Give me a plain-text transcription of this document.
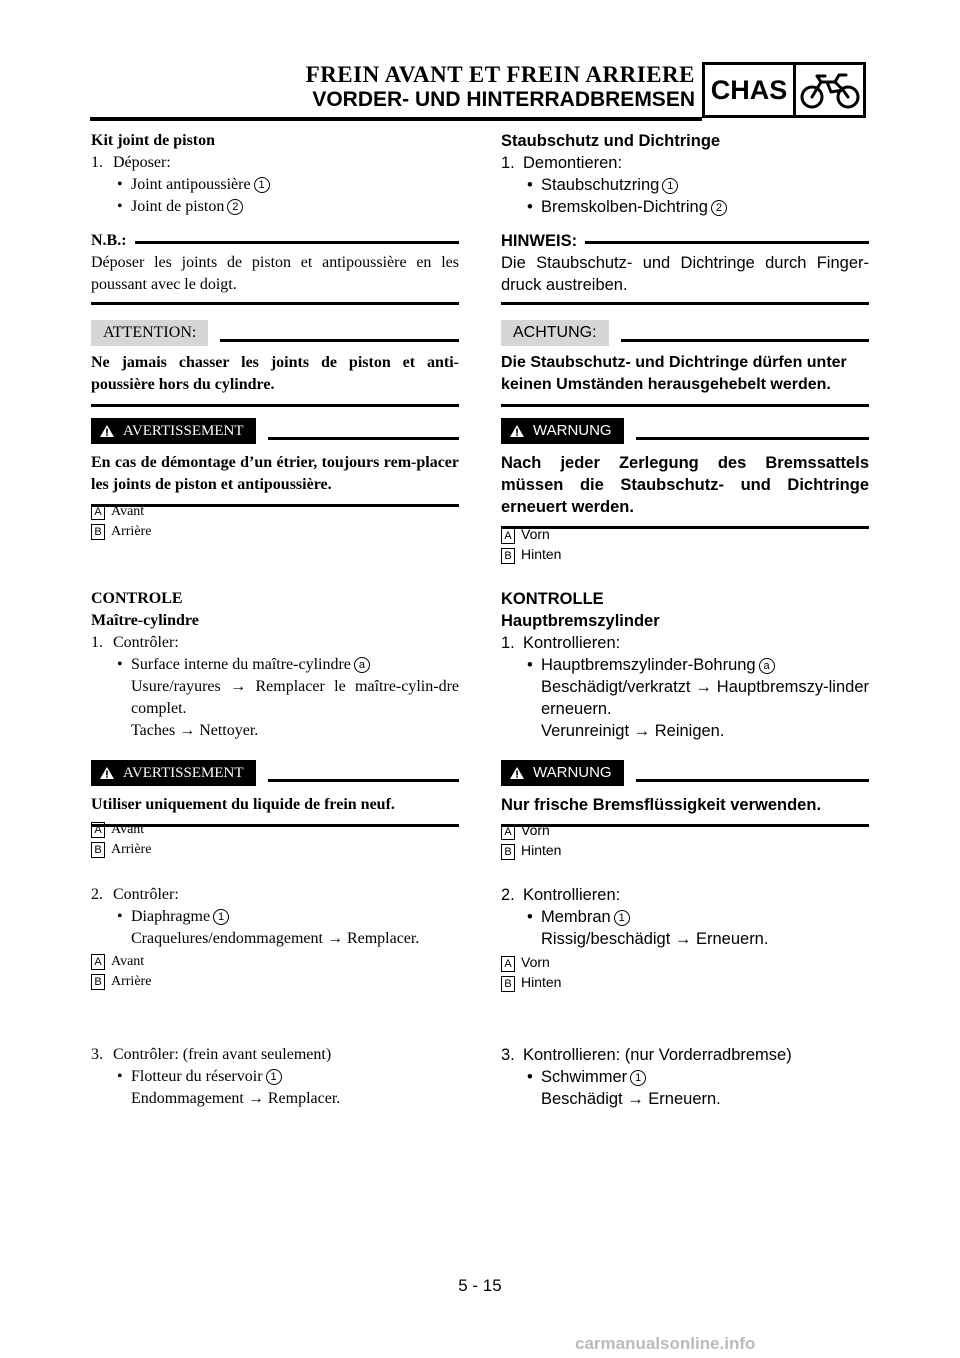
FREIN AVANT ET FREIN ARRIERE
VORDER- UND HINTERRADBREMSEN CHAS
Kit joint de piston
1. Déposer:
• Joint antipoussière 1
• Joint de piston 2
N.B.:
Déposer les joints de piston et antipoussière en les poussant avec le doigt.
ATTENTION:
Ne jamais chasser les joints de piston et anti-poussière hors du cylindre.
AVERTISSEMENT
En cas de démontage d’un étrier, toujours rem-placer les joints de piston et antipoussière.
A Avant
B Arrière
CONTROLE
Maître-cylindre
1. Contrôler:
• Surface interne du maître-cylindre a
Usure/rayures → Remplacer le maître-cylin-dre complet.
Taches → Nettoyer.
AVERTISSEMENT
Utiliser uniquement du liquide de frein neuf.
A Avant
B Arrière
2. Contrôler:
• Diaphragme 1
Craquelures/endommagement → Remplacer.
A Avant
B Arrière
3. Contrôler: (frein avant seulement)
• Flotteur du réservoir 1
Endommagement → Remplacer.
Staubschutz und Dichtringe
1. Demontieren:
• Staubschutzring 1
• Bremskolben-Dichtring 2
HINWEIS:
Die Staubschutz- und Dichtringe durch Finger-druck austreiben.
ACHTUNG:
Die Staubschutz- und Dichtringe dürfen unter keinen Umständen herausgehebelt werden.
WARNUNG
Nach jeder Zerlegung des Bremssattels müssen die Staubschutz- und Dichtringe erneuert werden.
A Vorn
B Hinten
KONTROLLE
Hauptbremszylinder
1. Kontrollieren:
• Hauptbremszylinder-Bohrung a
Beschädigt/verkratzt → Hauptbremszy-linder erneuern.
Verunreinigt → Reinigen.
WARNUNG
Nur frische Bremsflüssigkeit verwenden.
A Vorn
B Hinten
2. Kontrollieren:
• Membran 1
Rissig/beschädigt → Erneuern.
A Vorn
B Hinten
3. Kontrollieren: (nur Vorderradbremse)
• Schwimmer 1
Beschädigt → Erneuern.
5 - 15
carmanualsonline.info
